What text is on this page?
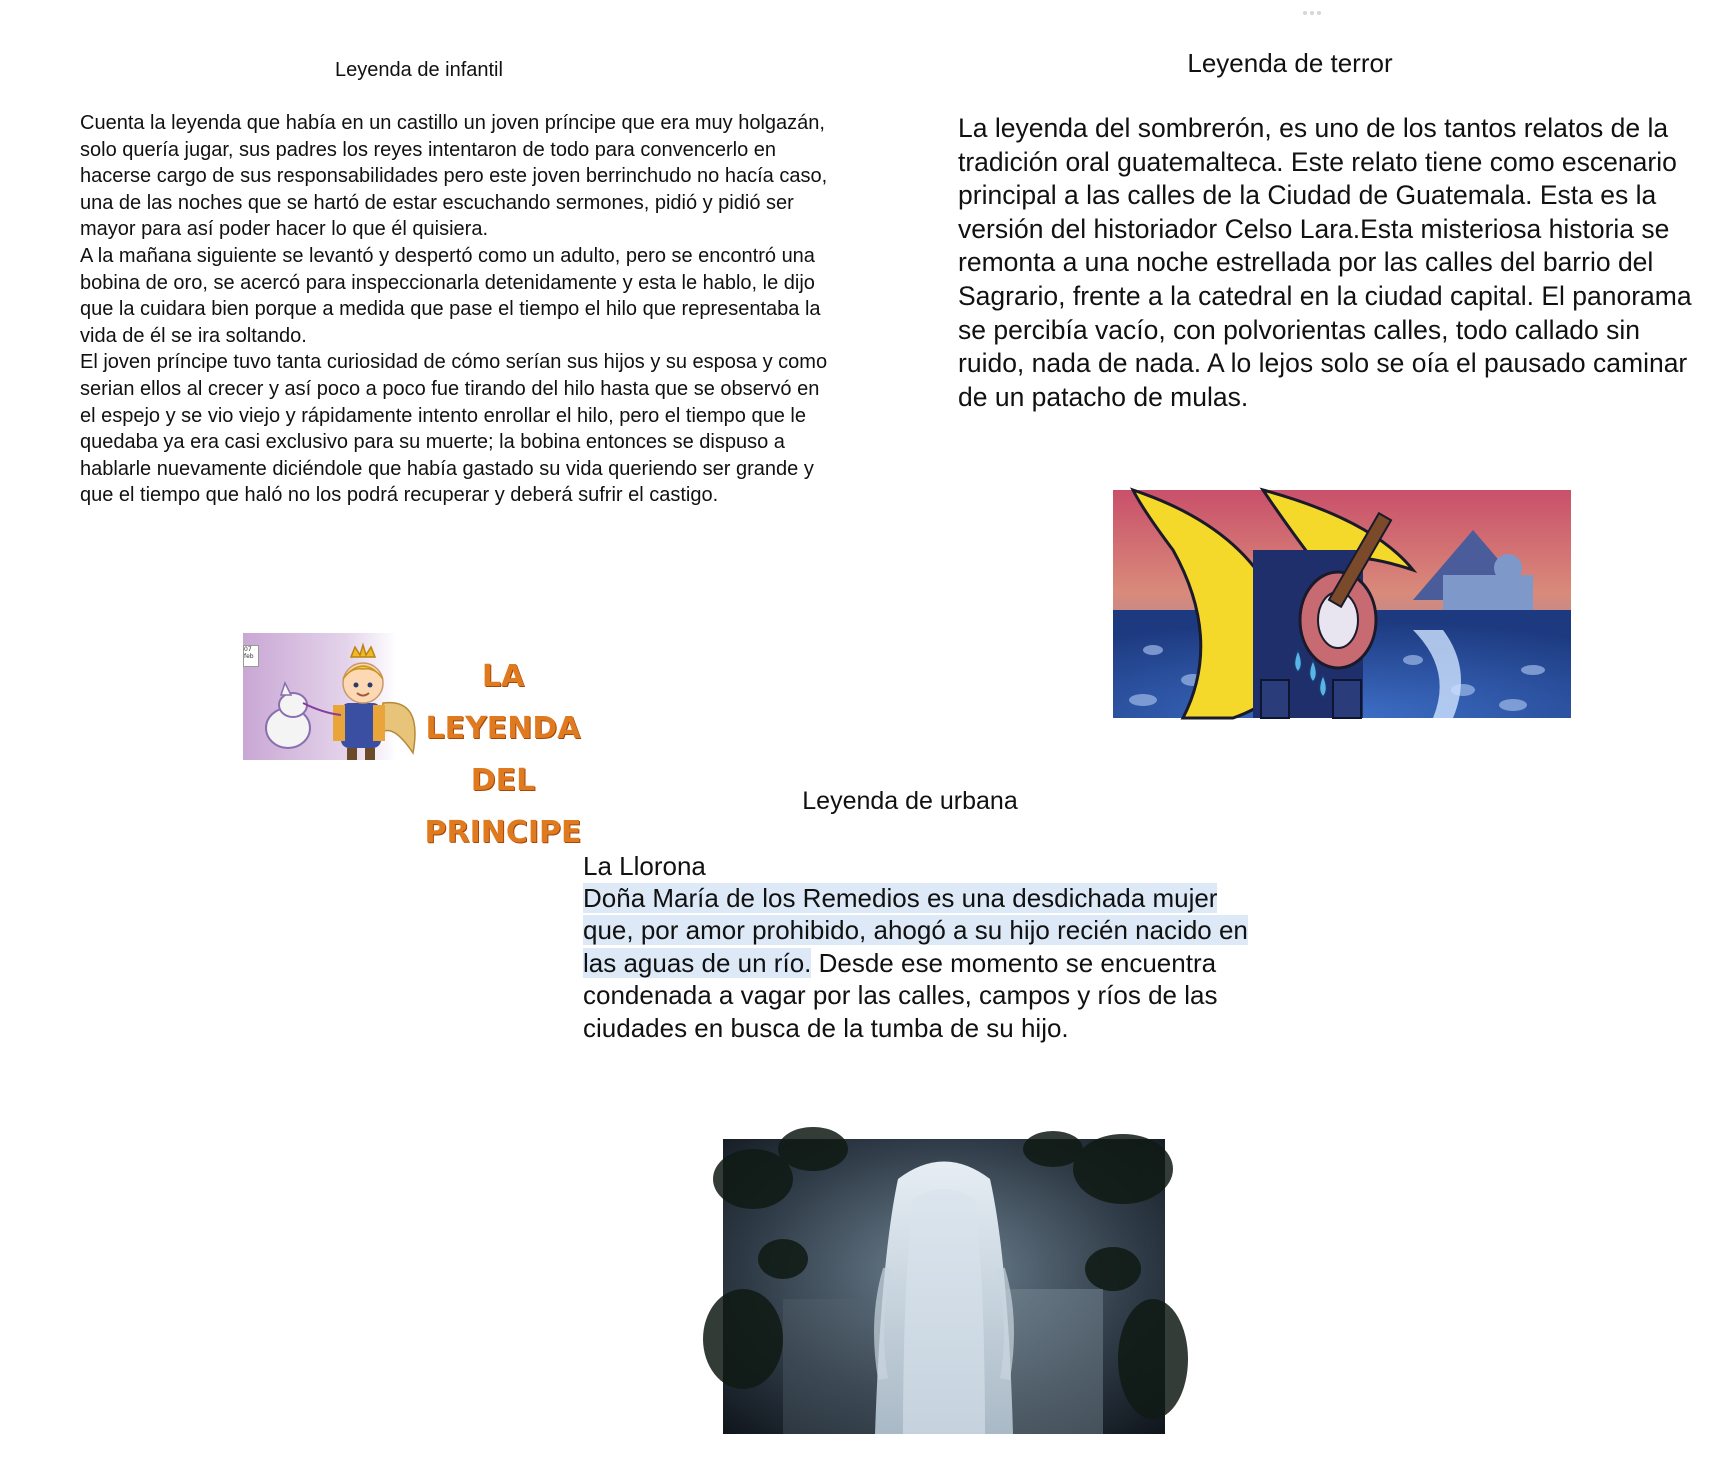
Leyenda de infantil

Cuenta la leyenda que había en un castillo un joven príncipe que era muy holgazán, solo quería jugar, sus padres los reyes intentaron de todo para convencerlo en hacerse cargo de sus responsabilidades pero este joven berrinchudo no hacía caso, una de las noches que se hartó de estar escuchando sermones, pidió y pidió ser mayor para así poder hacer lo que él quisiera.

A la mañana siguiente se levantó y despertó como un adulto, pero se encontró una bobina de oro, se acercó para inspeccionarla detenidamente y esta le hablo, le dijo que la cuidara bien porque a medida que pase el tiempo el hilo que representaba la vida de él se ira soltando.

El joven príncipe tuvo tanta curiosidad de cómo serían sus hijos y su esposa y como serian ellos al crecer y así poco a poco fue tirando del hilo hasta que se observó en el espejo y se vio viejo y rápidamente intento enrollar el hilo, pero el tiempo que le quedaba ya era casi exclusivo para su muerte; la bobina entonces se dispuso a hablarle nuevamente diciéndole que había gastado su vida queriendo ser grande y que el tiempo que haló no los podrá recuperar y deberá sufrir el castigo.

07
feb
LA LEYENDA
DEL PRINCIPE
Leyenda de terror
La leyenda del sombrerón, es uno de los tantos relatos de la tradición oral guatemalteca. Este relato tiene como escenario principal a las calles de la Ciudad de Guatemala. Esta es la versión del historiador Celso Lara.Esta misteriosa historia se remonta a una noche estrellada por las calles del barrio del Sagrario, frente a la catedral en la ciudad capital. El panorama se percibía vacío, con polvorientas calles, todo callado sin ruido, nada de nada. A lo lejos solo se oía el pausado caminar de un patacho de mulas.
Leyenda de urbana
La Llorona
Doña María de los Remedios es una desdichada mujer que, por amor prohibido, ahogó a su hijo recién nacido en las aguas de un río. Desde ese momento se encuentra condenada a vagar por las calles, campos y ríos de las ciudades en busca de la tumba de su hijo.
